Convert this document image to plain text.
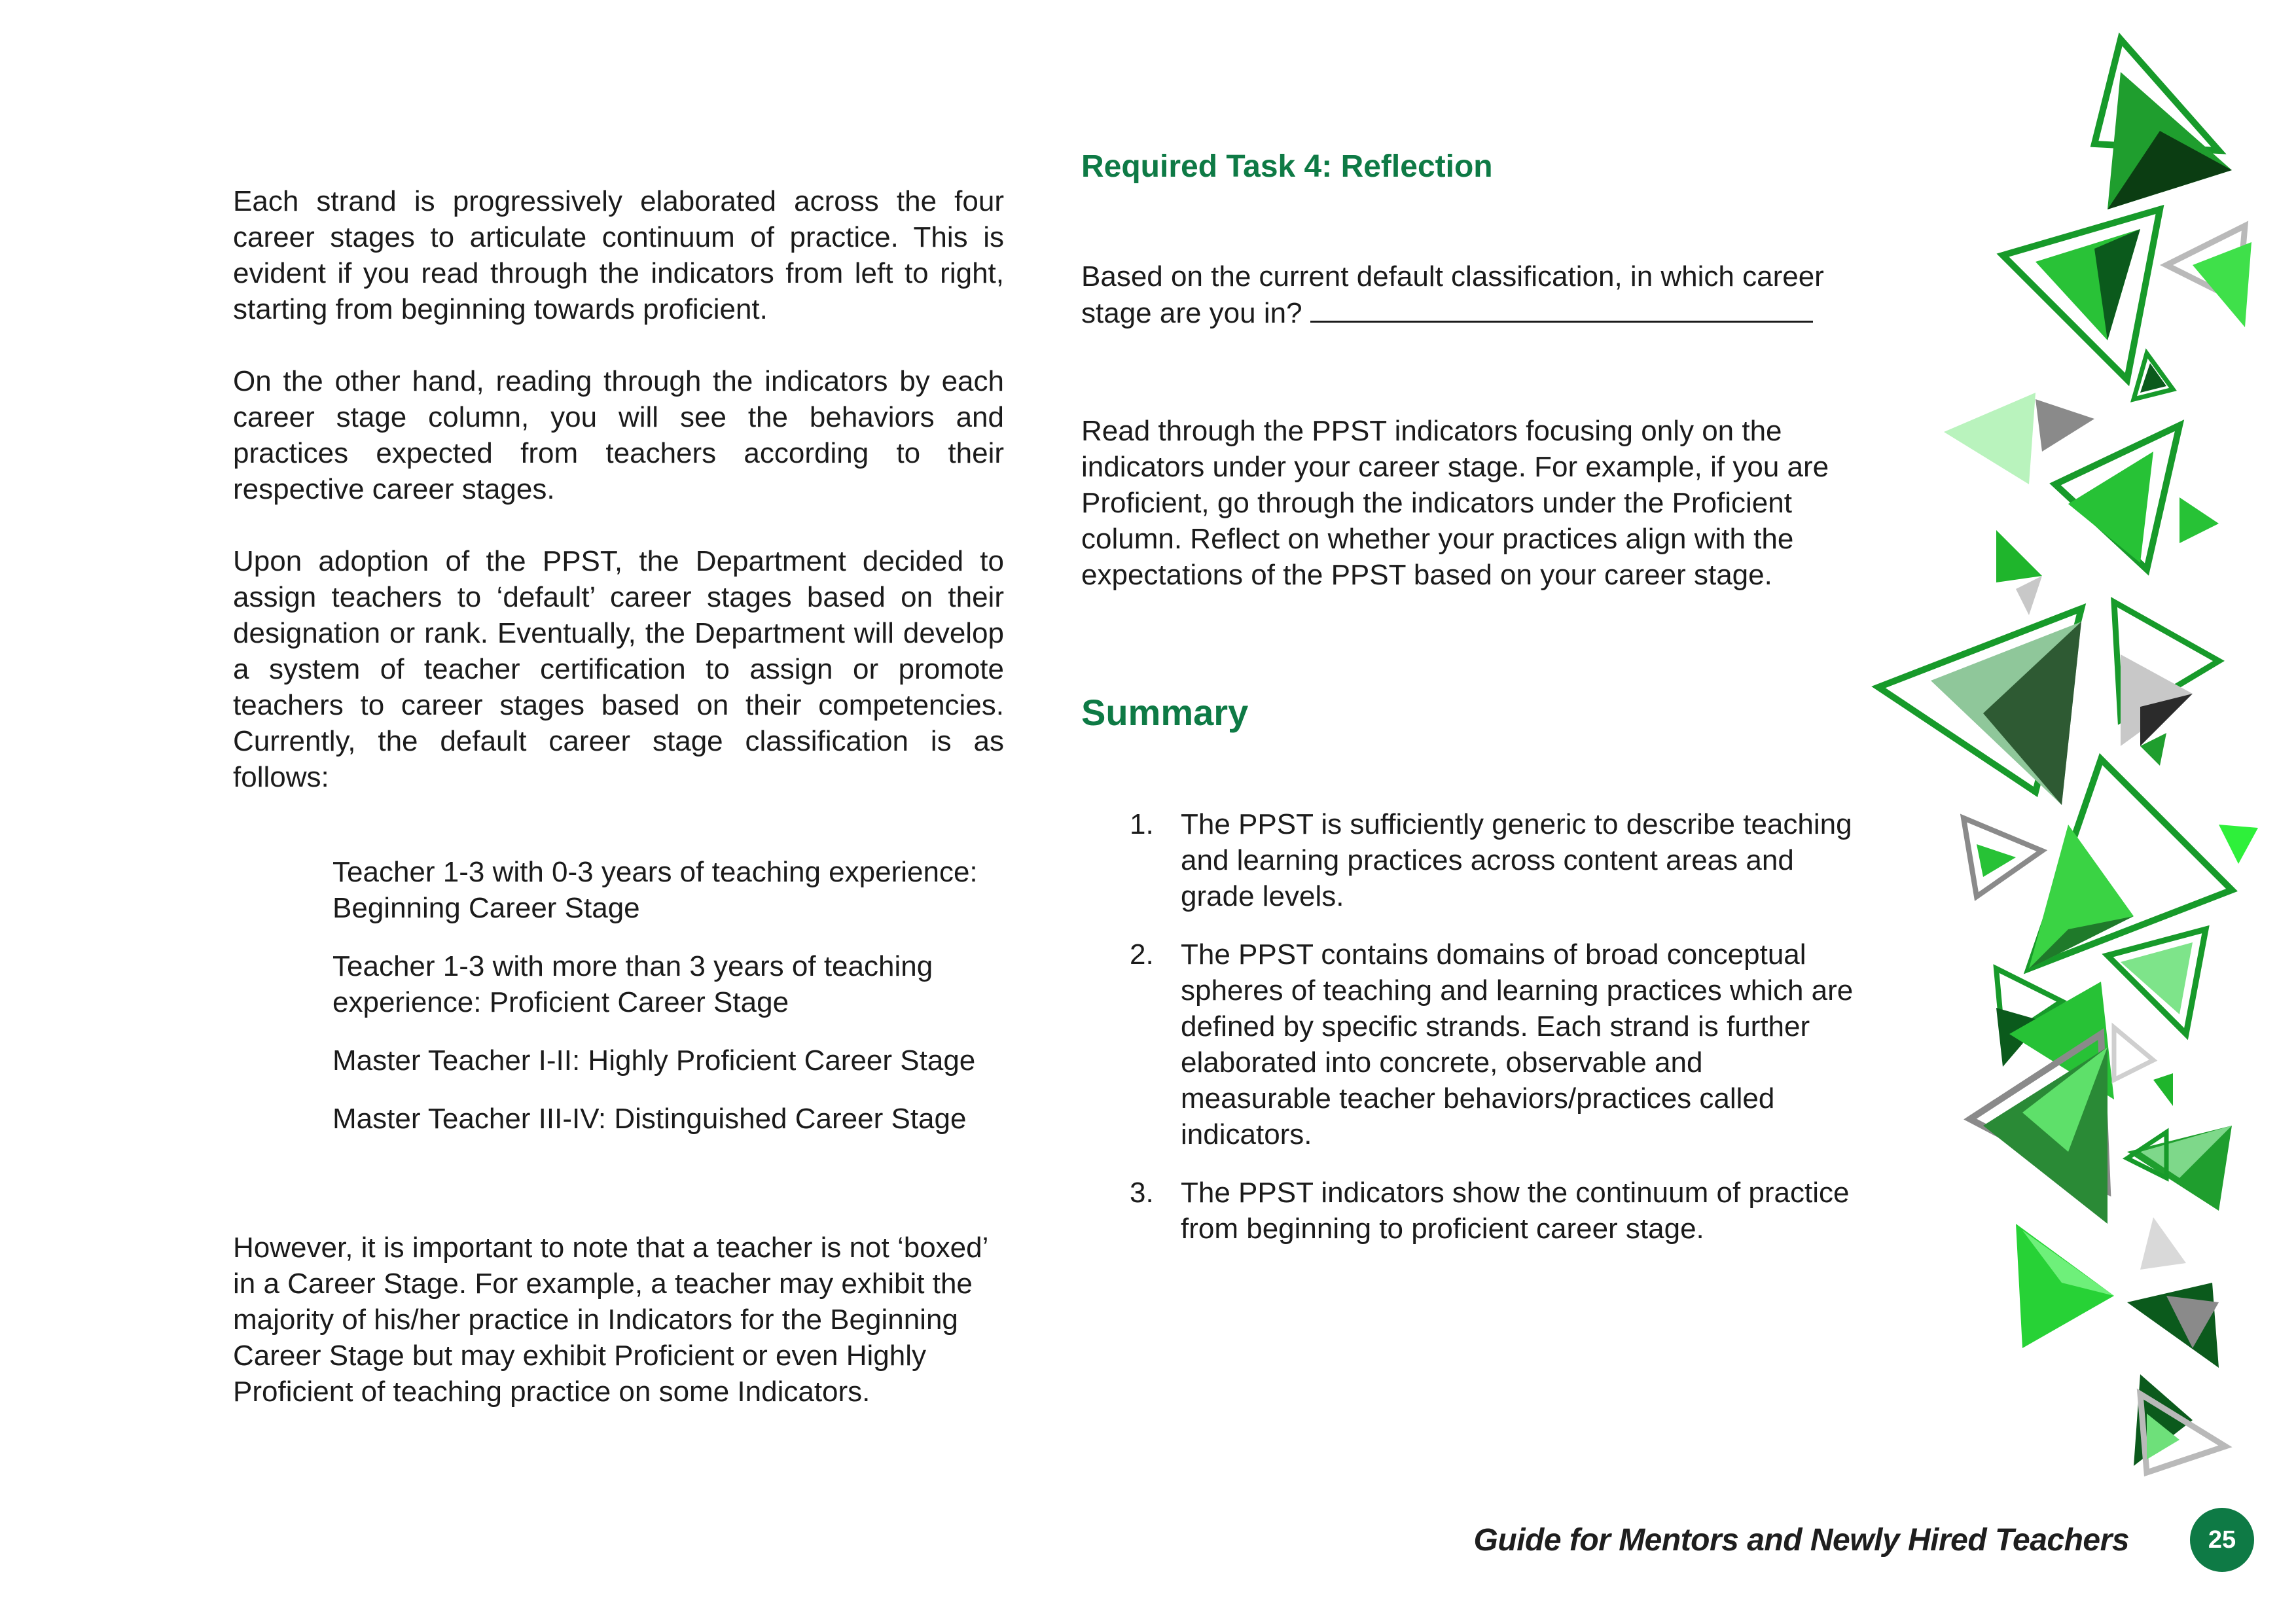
Each strand is progressively elaborated across the four career stages to articulate continuum of practice. This is evident if you read through the indicators from left to right, starting from beginning towards proficient.

On the other hand, reading through the indicators by each career stage column, you will see the behaviors and practices expected from teachers according to their respective career stages.

Upon adoption of the PPST, the Department decided to assign teachers to ‘default’ career stages based on their designation or rank. Eventually, the Department will develop a system of teacher certification to assign or promote teachers to career stages based on their competencies. Currently, the default career stage classification is as follows:

Teacher 1-3 with 0-3 years of teaching experience: Beginning Career Stage
Teacher 1-3 with more than 3 years of teaching experience: Proficient Career Stage
Master Teacher I-II: Highly Proficient Career Stage
Master Teacher III-IV: Distinguished Career Stage

However, it is important to note that a teacher is not ‘boxed’ in a Career Stage. For example, a teacher may exhibit the majority of his/her practice in Indicators for the Beginning Career Stage but may exhibit Proficient or even Highly Proficient of teaching practice on some Indicators.

Required Task 4: Reflection

Based on the current default classification, in which career stage are you in?

Read through the PPST indicators focusing only on the indicators under your career stage. For example, if you are Proficient, go through the indicators under the Proficient column. Reflect on whether your practices align with the expectations of the PPST based on your career stage.

Summary
1. The PPST is sufficiently generic to describe teaching and learning practices across content areas and grade levels.
2. The PPST contains domains of broad conceptual spheres of teaching and learning practices which are defined by specific strands. Each strand is further elaborated into concrete, observable and measurable teacher behaviors/practices called indicators.
3. The PPST indicators show the continuum of practice from beginning to proficient career stage.
Guide for Mentors and Newly Hired Teachers	25
